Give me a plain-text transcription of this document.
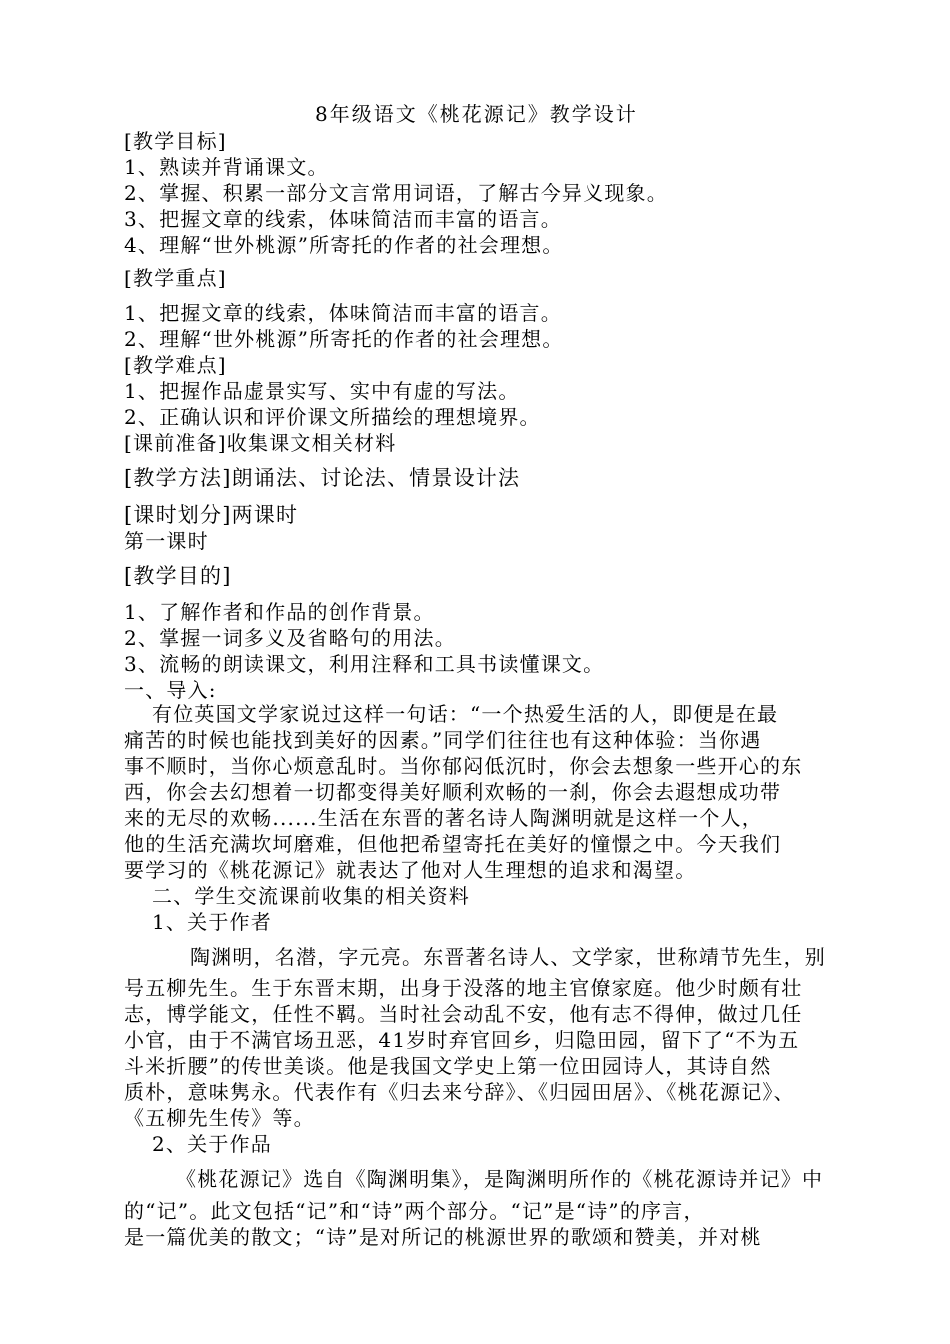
8年级语文《桃花源记》教学设计

[教学目标]

1、熟读并背诵课文。

2、掌握、积累一部分文言常用词语，了解古今异义现象。

3、把握文章的线索，体味简洁而丰富的语言。

4、理解“世外桃源”所寄托的作者的社会理想。

[教学重点]

1、把握文章的线索，体味简洁而丰富的语言。

2、理解“世外桃源”所寄托的作者的社会理想。

[教学难点]

1、把握作品虚景实写、实中有虚的写法。

2、正确认识和评价课文所描绘的理想境界。

[课前准备]收集课文相关材料

[教学方法]朗诵法、讨论法、情景设计法

[课时划分]两课时

第一课时

[教学目的]

1、了解作者和作品的创作背景。

2、掌握一词多义及省略句的用法。

3、流畅的朗读课文，利用注释和工具书读懂课文。

一、导入:

有位英国文学家说过这样一句话：“一个热爱生活的人，即便是在最

痛苦的时候也能找到美好的因素。”同学们往往也有这种体验：当你遇

事不顺时，当你心烦意乱时。当你郁闷低沉时，你会去想象一些开心的东

西，你会去幻想着一切都变得美好顺利欢畅的一刹，你会去遐想成功带

来的无尽的欢畅......生活在东晋的著名诗人陶渊明就是这样一个人，

他的生活充满坎坷磨难，但他把希望寄托在美好的憧憬之中。今天我们

要学习的《桃花源记》就表达了他对人生理想的追求和渴望。

二、学生交流课前收集的相关资料

1、关于作者

陶渊明，名潜，字元亮。东晋著名诗人、文学家，世称靖节先生，别

号五柳先生。生于东晋末期，出身于没落的地主官僚家庭。他少时颇有壮

志，博学能文，任性不羁。当时社会动乱不安，他有志不得伸，做过几任

小官，由于不满官场丑恶，41岁时弃官回乡，归隐田园，留下了“不为五

斗米折腰”的传世美谈。他是我国文学史上第一位田园诗人，其诗自然

质朴，意味隽永。代表作有《归去来兮辞》、《归园田居》、《桃花源记》、

《五柳先生传》等。

2、关于作品

《桃花源记》选自《陶渊明集》，是陶渊明所作的《桃花源诗并记》中

的“记”。此文包括“记”和“诗”两个部分。“记”是“诗”的序言，

是一篇优美的散文；“诗”是对所记的桃源世界的歌颂和赞美，并对桃
